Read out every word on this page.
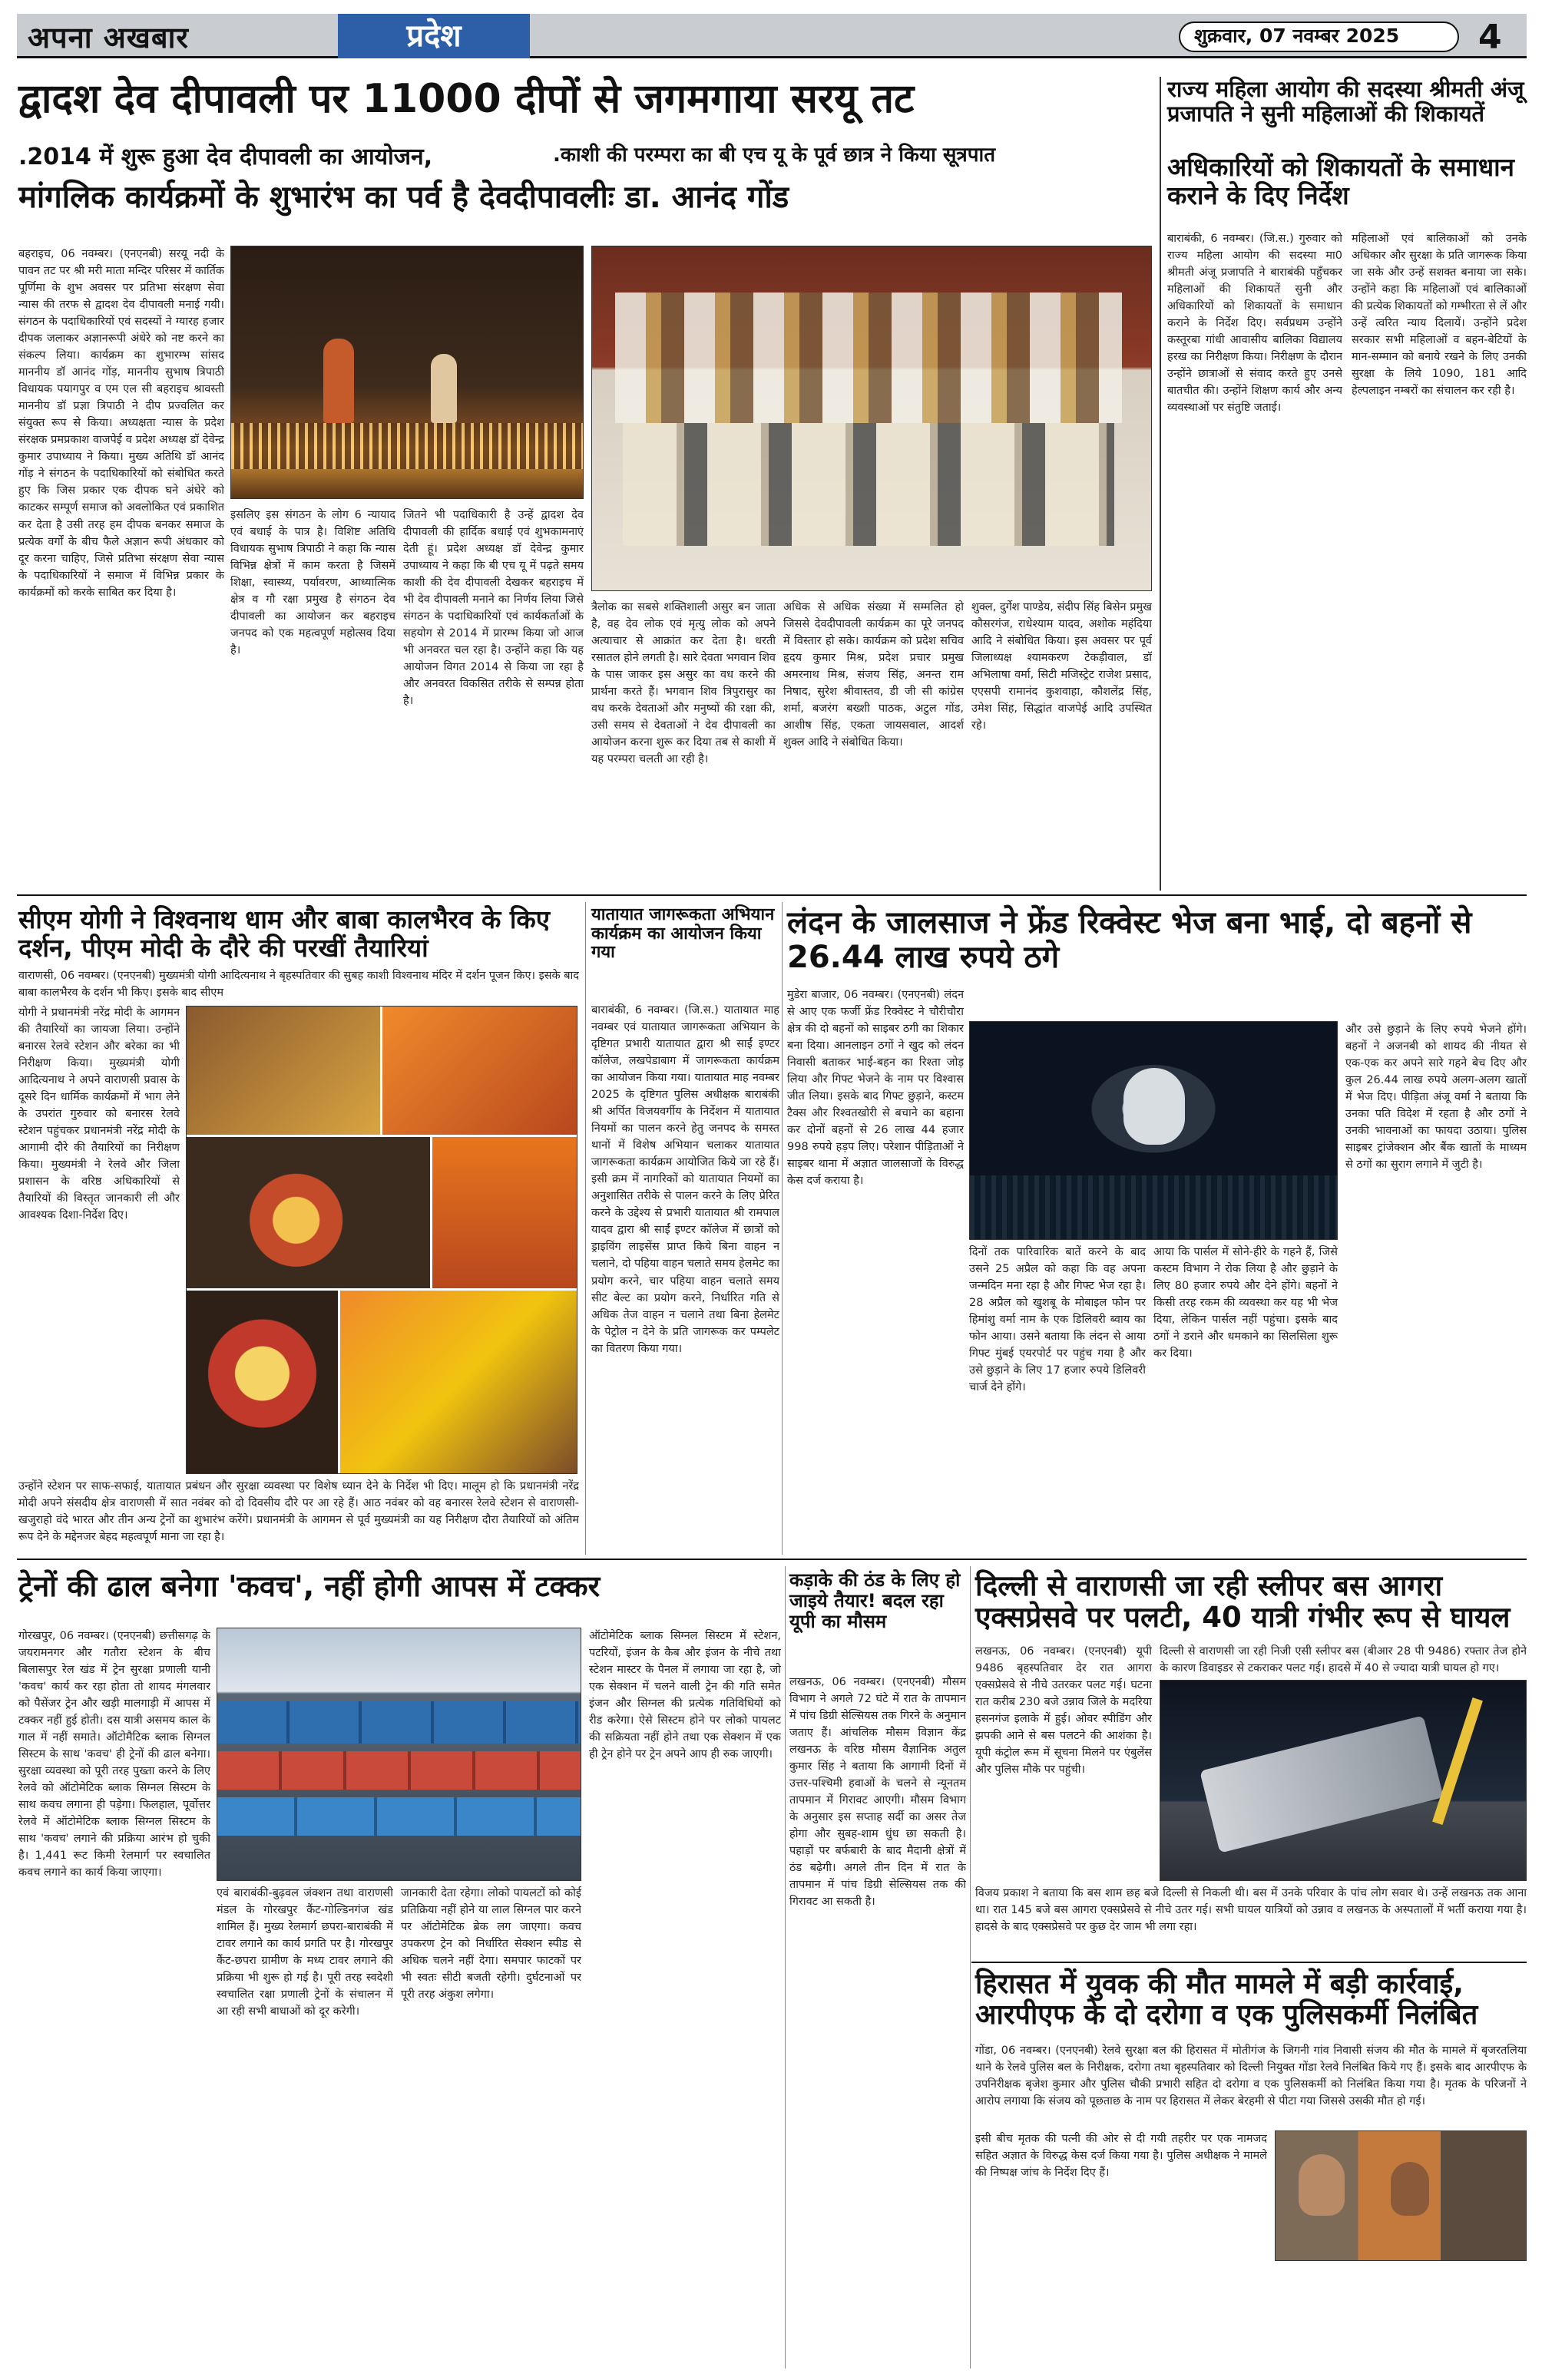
अपना अखबार	प्रदेश	शुक्रवार, 07 नवम्बर 2025 4
द्वादश देव दीपावली पर 11000 दीपों से जगमगाया सरयू तट
.2014 में शुरू हुआ देव दीपावली का आयोजन,	.काशी की परम्परा का बी एच यू के पूर्व छात्र ने किया सूत्रपात
मांगलिक कार्यक्रमों के शुभारंभ का पर्व है देवदीपावलीः डा. आनंद गोंड
बहराइच, 06 नवम्बर। (एनएनबी) सरयू नदी के पावन तट पर श्री मरी माता मन्दिर परिसर में कार्तिक पूर्णिमा के शुभ अवसर पर प्रतिभा संरक्षण सेवा न्यास की तरफ से द्वादश देव दीपावली मनाई गयी। संगठन के पदाधिकारियों एवं सदस्यों ने ग्यारह हजार दीपक जलाकर अज्ञानरूपी अंधेरे को नष्ट करने का संकल्प लिया। कार्यक्रम का शुभारम्भ सांसद माननीय डॉ आनंद गोंड़, माननीय सुभाष त्रिपाठी विधायक पयागपुर व एम एल सी बहराइच श्रावस्ती माननीय डॉ प्रज्ञा त्रिपाठी ने दीप प्रज्वलित कर संयुक्त रूप से किया। अध्यक्षता न्यास के प्रदेश संरक्षक प्रमप्रकाश वाजपेई व प्रदेश अध्यक्ष डॉ देवेन्द्र कुमार उपाध्याय ने किया। मुख्य अतिथि डॉ आनंद गोंड़ ने संगठन के पदाधिकारियों को संबोधित करते हुए कि जिस प्रकार एक दीपक घने अंधेरे को काटकर सम्पूर्ण समाज को अवलोकित एवं प्रकाशित कर देता है उसी तरह हम दीपक बनकर समाज के प्रत्येक वर्गों के बीच फैले अज्ञान रूपी अंधकार को दूर करना चाहिए, जिसे प्रतिभा संरक्षण सेवा न्यास के पदाधिकारियों ने समाज में विभिन्न प्रकार के कार्यक्रमों को करके साबित कर दिया है।
इसलिए इस संगठन के लोग 6 न्यायाद एवं बधाई के पात्र है। विशिष्ट अतिथि विधायक सुभाष त्रिपाठी ने कहा कि न्यास विभिन्न क्षेत्रों में काम करता है जिसमें शिक्षा, स्वास्थ्य, पर्यावरण, आध्यात्मिक क्षेत्र व गौ रक्षा प्रमुख है संगठन देव दीपावली का आयोजन कर बहराइच जनपद को एक महत्वपूर्ण महोत्सव दिया है।
जितने भी पदाधिकारी है उन्हें द्वादश देव दीपावली की हार्दिक बधाई एवं शुभकामनाएं देती हूं। प्रदेश अध्यक्ष डॉ देवेन्द्र कुमार उपाध्याय ने कहा कि बी एच यू में पढ़ते समय काशी की देव दीपावली देखकर बहराइच में भी देव दीपावली मनाने का निर्णय लिया जिसे संगठन के पदाधिकारियों एवं कार्यकर्ताओं के सहयोग से 2014 में प्रारम्भ किया जो आज भी अनवरत चल रहा है। उन्होंने कहा कि यह आयोजन विगत 2014 से किया जा रहा है और अनवरत विकसित तरीके से सम्पन्न होता है।
त्रैलोक का सबसे शक्तिशाली असुर बन जाता है, वह देव लोक एवं मृत्यु लोक को अपने अत्याचार से आक्रांत कर देता है। धरती रसातल होने लगती है। सारे देवता भगवान शिव के पास जाकर इस असुर का वध करने की प्रार्थना करते हैं। भगवान शिव त्रिपुरासुर का वध करके देवताओं और मनुष्यों की रक्षा की, उसी समय से देवताओं ने देव दीपावली का आयोजन करना शुरू कर दिया तब से काशी में यह परम्परा चलती आ रही है।
अधिक से अधिक संख्या में सम्मलित हो जिससे देवदीपावली कार्यक्रम का पूरे जनपद में विस्तार हो सके। कार्यक्रम को प्रदेश सचिव हृदय कुमार मिश्र, प्रदेश प्रचार प्रमुख अमरनाथ मिश्र, संजय सिंह, अनन्त राम निषाद, सुरेश श्रीवास्तव, डी जी सी कांग्रेस शर्मा, बजरंग बख्शी पाठक, अटुल गोंड, आशीष सिंह, एकता जायसवाल, आदर्श शुक्ल आदि ने संबोधित किया।
शुक्ल, दुर्गेश पाण्डेय, संदीप सिंह बिसेन प्रमुख कौसरगंज, राधेश्याम यादव, अशोक महंदिया आदि ने संबोधित किया। इस अवसर पर पूर्व जिलाध्यक्ष श्यामकरण टेकड़ीवाल, डॉ अभिलाषा वर्मा, सिटी मजिस्ट्रेट राजेश प्रसाद, एएसपी रामानंद कुशवाहा, कौशलेंद्र सिंह, उमेश सिंह, सिद्धांत वाजपेई आदि उपस्थित रहे।
राज्य महिला आयोग की सदस्या श्रीमती अंजू प्रजापति ने सुनी महिलाओं की शिकायतें
अधिकारियों को शिकायतों के समाधान कराने के दिए निर्देश
बाराबंकी, 6 नवम्बर। (जि.स.) गुरुवार को राज्य महिला आयोग की सदस्या मा0 श्रीमती अंजू प्रजापति ने बाराबंकी पहुँचकर महिलाओं की शिकायतें सुनी और अधिकारियों को शिकायतों के समाधान कराने के निर्देश दिए। सर्वप्रथम उन्होंने कस्तूरबा गांधी आवासीय बालिका विद्यालय हरख का निरीक्षण किया। निरीक्षण के दौरान उन्होंने छात्राओं से संवाद करते हुए उनसे बातचीत की। उन्होंने शिक्षण कार्य और अन्य व्यवस्थाओं पर संतुष्टि जताई।
महिलाओं एवं बालिकाओं को उनके अधिकार और सुरक्षा के प्रति जागरूक किया जा सके और उन्हें सशक्त बनाया जा सके। उन्होंने कहा कि महिलाओं एवं बालिकाओं की प्रत्येक शिकायतों को गम्भीरता से लें और उन्हें त्वरित न्याय दिलायें। उन्होंने प्रदेश सरकार सभी महिलाओं व बहन-बेटियों के मान-सम्मान को बनाये रखने के लिए उनकी सुरक्षा के लिये 1090, 181 आदि हेल्पलाइन नम्बरों का संचालन कर रही है।
सीएम योगी ने विश्वनाथ धाम और बाबा कालभैरव के किए दर्शन, पीएम मोदी के दौरे की परखीं तैयारियां
वाराणसी, 06 नवम्बर। (एनएनबी) मुख्यमंत्री योगी आदित्यनाथ ने बृहस्पतिवार की सुबह काशी विश्वनाथ मंदिर में दर्शन पूजन किए। इसके बाद बाबा कालभैरव के दर्शन भी किए। इसके बाद सीएम
योगी ने प्रधानमंत्री नरेंद्र मोदी के आगमन की तैयारियों का जायजा लिया। उन्होंने बनारस रेलवे स्टेशन और बरेका का भी निरीक्षण किया। मुख्यमंत्री योगी आदित्यनाथ ने अपने वाराणसी प्रवास के दूसरे दिन धार्मिक कार्यक्रमों में भाग लेने के उपरांत गुरुवार को बनारस रेलवे स्टेशन पहुंचकर प्रधानमंत्री नरेंद्र मोदी के आगामी दौरे की तैयारियों का निरीक्षण किया। मुख्यमंत्री ने रेलवे और जिला प्रशासन के वरिष्ठ अधिकारियों से तैयारियों की विस्तृत जानकारी ली और आवश्यक दिशा-निर्देश दिए।
उन्होंने स्टेशन पर साफ-सफाई, यातायात प्रबंधन और सुरक्षा व्यवस्था पर विशेष ध्यान देने के निर्देश भी दिए। मालूम हो कि प्रधानमंत्री नरेंद्र मोदी अपने संसदीय क्षेत्र वाराणसी में सात नवंबर को दो दिवसीय दौरे पर आ रहे हैं। आठ नवंबर को वह बनारस रेलवे स्टेशन से वाराणसी-खजुराहो वंदे भारत और तीन अन्य ट्रेनों का शुभारंभ करेंगे। प्रधानमंत्री के आगमन से पूर्व मुख्यमंत्री का यह निरीक्षण दौरा तैयारियों को अंतिम रूप देने के मद्देनजर बेहद महत्वपूर्ण माना जा रहा है।
यातायात जागरूकता अभियान कार्यक्रम का आयोजन किया गया
बाराबंकी, 6 नवम्बर। (जि.स.) यातायात माह नवम्बर एवं यातायात जागरूकता अभियान के दृष्टिगत प्रभारी यातायात द्वारा श्री साईं इण्टर कॉलेज, लखपेडाबाग में जागरूकता कार्यक्रम का आयोजन किया गया। यातायात माह नवम्बर 2025 के दृष्टिगत पुलिस अधीक्षक बाराबंकी श्री अर्पित विजयवर्गीय के निर्देशन में यातायात नियमों का पालन करने हेतु जनपद के समस्त थानों में विशेष अभियान चलाकर यातायात जागरूकता कार्यक्रम आयोजित किये जा रहे हैं। इसी क्रम में नागरिकों को यातायात नियमों का अनुशासित तरीके से पालन करने के लिए प्रेरित करने के उद्देश्य से प्रभारी यातायात श्री रामपाल यादव द्वारा श्री साईं इण्टर कॉलेज में छात्रों को ड्राइविंग लाइसेंस प्राप्त किये बिना वाहन न चलाने, दो पहिया वाहन चलाते समय हेलमेट का प्रयोग करने, चार पहिया वाहन चलाते समय सीट बेल्ट का प्रयोग करने, निर्धारित गति से अधिक तेज वाहन न चलाने तथा बिना हेलमेट के पेट्रोल न देने के प्रति जागरूक कर पम्पलेट का वितरण किया गया।
लंदन के जालसाज ने फ्रेंड रिक्वेस्ट भेज बना भाई, दो बहनों से 26.44 लाख रुपये ठगे
मुडेरा बाजार, 06 नवम्बर। (एनएनबी) लंदन से आए एक फर्जी फ्रेंड रिक्वेस्ट ने चौरीचौरा क्षेत्र की दो बहनों को साइबर ठगी का शिकार बना दिया। आनलाइन ठगों ने खुद को लंदन निवासी बताकर भाई-बहन का रिश्ता जोड़ लिया और गिफ्ट भेजने के नाम पर विश्वास जीत लिया। इसके बाद गिफ्ट छुड़ाने, कस्टम टैक्स और रिश्वतखोरी से बचाने का बहाना कर दोनों बहनों से 26 लाख 44 हजार 998 रुपये हड़प लिए। परेशान पीड़िताओं ने साइबर थाना में अज्ञात जालसाजों के विरुद्ध केस दर्ज कराया है।
दिनों तक पारिवारिक बातें करने के बाद उसने 25 अप्रैल को कहा कि वह अपना जन्मदिन मना रहा है और गिफ्ट भेज रहा है। 28 अप्रैल को खुशबू के मोबाइल फोन पर हिमांशु वर्मा नाम के एक डिलिवरी ब्वाय का फोन आया। उसने बताया कि लंदन से आया गिफ्ट मुंबई एयरपोर्ट पर पहुंच गया है और उसे छुड़ाने के लिए 17 हजार रुपये डिलिवरी चार्ज देने होंगे।
आया कि पार्सल में सोने-हीरे के गहने हैं, जिसे कस्टम विभाग ने रोक लिया है और छुड़ाने के लिए 80 हजार रुपये और देने होंगे। बहनों ने किसी तरह रकम की व्यवस्था कर यह भी भेज दिया, लेकिन पार्सल नहीं पहुंचा। इसके बाद ठगों ने डराने और धमकाने का सिलसिला शुरू कर दिया।
और उसे छुड़ाने के लिए रुपये भेजने होंगे। बहनों ने अजनबी को शायद की नीयत से एक-एक कर अपने सारे गहने बेच दिए और कुल 26.44 लाख रुपये अलग-अलग खातों में भेज दिए। पीड़िता अंजू वर्मा ने बताया कि उनका पति विदेश में रहता है और ठगों ने उनकी भावनाओं का फायदा उठाया। पुलिस साइबर ट्रांजेक्शन और बैंक खातों के माध्यम से ठगों का सुराग लगाने में जुटी है।
ट्रेनों की ढाल बनेगा 'कवच', नहीं होगी आपस में टक्कर
गोरखपुर, 06 नवम्बर। (एनएनबी) छत्तीसगढ़ के जयरामनगर और गतौरा स्टेशन के बीच बिलासपुर रेल खंड में ट्रेन सुरक्षा प्रणाली यानी 'कवच' कार्य कर रहा होता तो शायद मंगलवार को पैसेंजर ट्रेन और खड़ी मालगाड़ी में आपस में टक्कर नहीं हुई होती। दस यात्री असमय काल के गाल में नहीं समाते। ऑटोमैटिक ब्लाक सिग्नल सिस्टम के साथ 'कवच' ही ट्रेनों की ढाल बनेगा। सुरक्षा व्यवस्था को पूरी तरह पुख्ता करने के लिए रेलवे को ऑटोमेटिक ब्लाक सिग्नल सिस्टम के साथ कवच लगाना ही पड़ेगा। फिलहाल, पूर्वोत्तर रेलवे में ऑटोमेटिक ब्लाक सिग्नल सिस्टम के साथ 'कवच' लगाने की प्रक्रिया आरंभ हो चुकी है। 1,441 रूट किमी रेलमार्ग पर स्वचालित कवच लगाने का कार्य किया जाएगा।
एवं बाराबंकी-बुढ़वल जंक्शन तथा वाराणसी मंडल के गोरखपुर कैंट-गोल्डिनगंज खंड शामिल हैं। मुख्य रेलमार्ग छपरा-बाराबंकी में टावर लगाने का कार्य प्रगति पर है। गोरखपुर कैंट-छपरा ग्रामीण के मध्य टावर लगाने की प्रक्रिया भी शुरू हो गई है। पूरी तरह स्वदेशी स्वचालित रक्षा प्रणाली ट्रेनों के संचालन में आ रही सभी बाधाओं को दूर करेगी।
जानकारी देता रहेगा। लोको पायलटों को कोई प्रतिक्रिया नहीं होने या लाल सिग्नल पार करने पर ऑटोमेटिक ब्रेक लग जाएगा। कवच उपकरण ट्रेन को निर्धारित सेक्शन स्पीड से अधिक चलने नहीं देगा। समपार फाटकों पर भी स्वतः सीटी बजती रहेगी। दुर्घटनाओं पर पूरी तरह अंकुश लगेगा।
ऑटोमेटिक ब्लाक सिग्नल सिस्टम में स्टेशन, पटरियों, इंजन के कैब और इंजन के नीचे तथा स्टेशन मास्टर के पैनल में लगाया जा रहा है, जो एक सेक्शन में चलने वाली ट्रेन की गति समेत इंजन और सिग्नल की प्रत्येक गतिविधियों को रीड करेगा। ऐसे सिस्टम होने पर लोको पायलट की सक्रियता नहीं होने तथा एक सेक्शन में एक ही ट्रेन होने पर ट्रेन अपने आप ही रुक जाएगी।
कड़ाके की ठंड के लिए हो जाइये तैयार! बदल रहा यूपी का मौसम
लखनऊ, 06 नवम्बर। (एनएनबी) मौसम विभाग ने अगले 72 घंटे में रात के तापमान में पांच डिग्री सेल्सियस तक गिरने के अनुमान जताए हैं। आंचलिक मौसम विज्ञान केंद्र लखनऊ के वरिष्ठ मौसम वैज्ञानिक अतुल कुमार सिंह ने बताया कि आगामी दिनों में उत्तर-पश्चिमी हवाओं के चलने से न्यूनतम तापमान में गिरावट आएगी। मौसम विभाग के अनुसार इस सप्ताह सर्दी का असर तेज होगा और सुबह-शाम धुंध छा सकती है। पहाड़ों पर बर्फबारी के बाद मैदानी क्षेत्रों में ठंड बढ़ेगी। अगले तीन दिन में रात के तापमान में पांच डिग्री सेल्सियस तक की गिरावट आ सकती है।
दिल्ली से वाराणसी जा रही स्लीपर बस आगरा एक्सप्रेसवे पर पलटी, 40 यात्री गंभीर रूप से घायल
लखनऊ, 06 नवम्बर। (एनएनबी) यूपी 9486 बृहस्पतिवार देर रात आगरा एक्सप्रेसवे से नीचे उतरकर पलट गई। घटना रात करीब 230 बजे उन्नाव जिले के मदरिया हसनगंज इलाके में हुई। ओवर स्पीडिंग और झपकी आने से बस पलटने की आशंका है। यूपी कंट्रोल रूम में सूचना मिलने पर एंबुलेंस और पुलिस मौके पर पहुंची।
दिल्ली से वाराणसी जा रही निजी एसी स्लीपर बस (बीआर 28 पी 9486) रफ्तार तेज होने के कारण डिवाइडर से टकराकर पलट गई। हादसे में 40 से ज्यादा यात्री घायल हो गए।
विजय प्रकाश ने बताया कि बस शाम छह बजे दिल्ली से निकली थी। बस में उनके परिवार के पांच लोग सवार थे। उन्हें लखनऊ तक आना था। रात 145 बजे बस आगरा एक्सप्रेसवे से नीचे उतर गई। सभी घायल यात्रियों को उन्नाव व लखनऊ के अस्पतालों में भर्ती कराया गया है। हादसे के बाद एक्सप्रेसवे पर कुछ देर जाम भी लगा रहा।
हिरासत में युवक की मौत मामले में बड़ी कार्रवाई, आरपीएफ के दो दरोगा व एक पुलिसकर्मी निलंबित
गोंडा, 06 नवम्बर। (एनएनबी) रेलवे सुरक्षा बल की हिरासत में मोतीगंज के जिगनी गांव निवासी संजय की मौत के मामले में बृजरतलिया थाने के रेलवे पुलिस बल के निरीक्षक, दरोगा तथा बृहस्पतिवार को दिल्ली नियुक्त गोंडा रेलवे निलंबित किये गए हैं। इसके बाद आरपीएफ के उपनिरीक्षक बृजेश कुमार और पुलिस चौकी प्रभारी सहित दो दरोगा व एक पुलिसकर्मी को निलंबित किया गया है। मृतक के परिजनों ने आरोप लगाया कि संजय को पूछताछ के नाम पर हिरासत में लेकर बेरहमी से पीटा गया जिससे उसकी मौत हो गई।
इसी बीच मृतक की पत्नी की ओर से दी गयी तहरीर पर एक नामजद सहित अज्ञात के विरुद्ध केस दर्ज किया गया है। पुलिस अधीक्षक ने मामले की निष्पक्ष जांच के निर्देश दिए हैं।
